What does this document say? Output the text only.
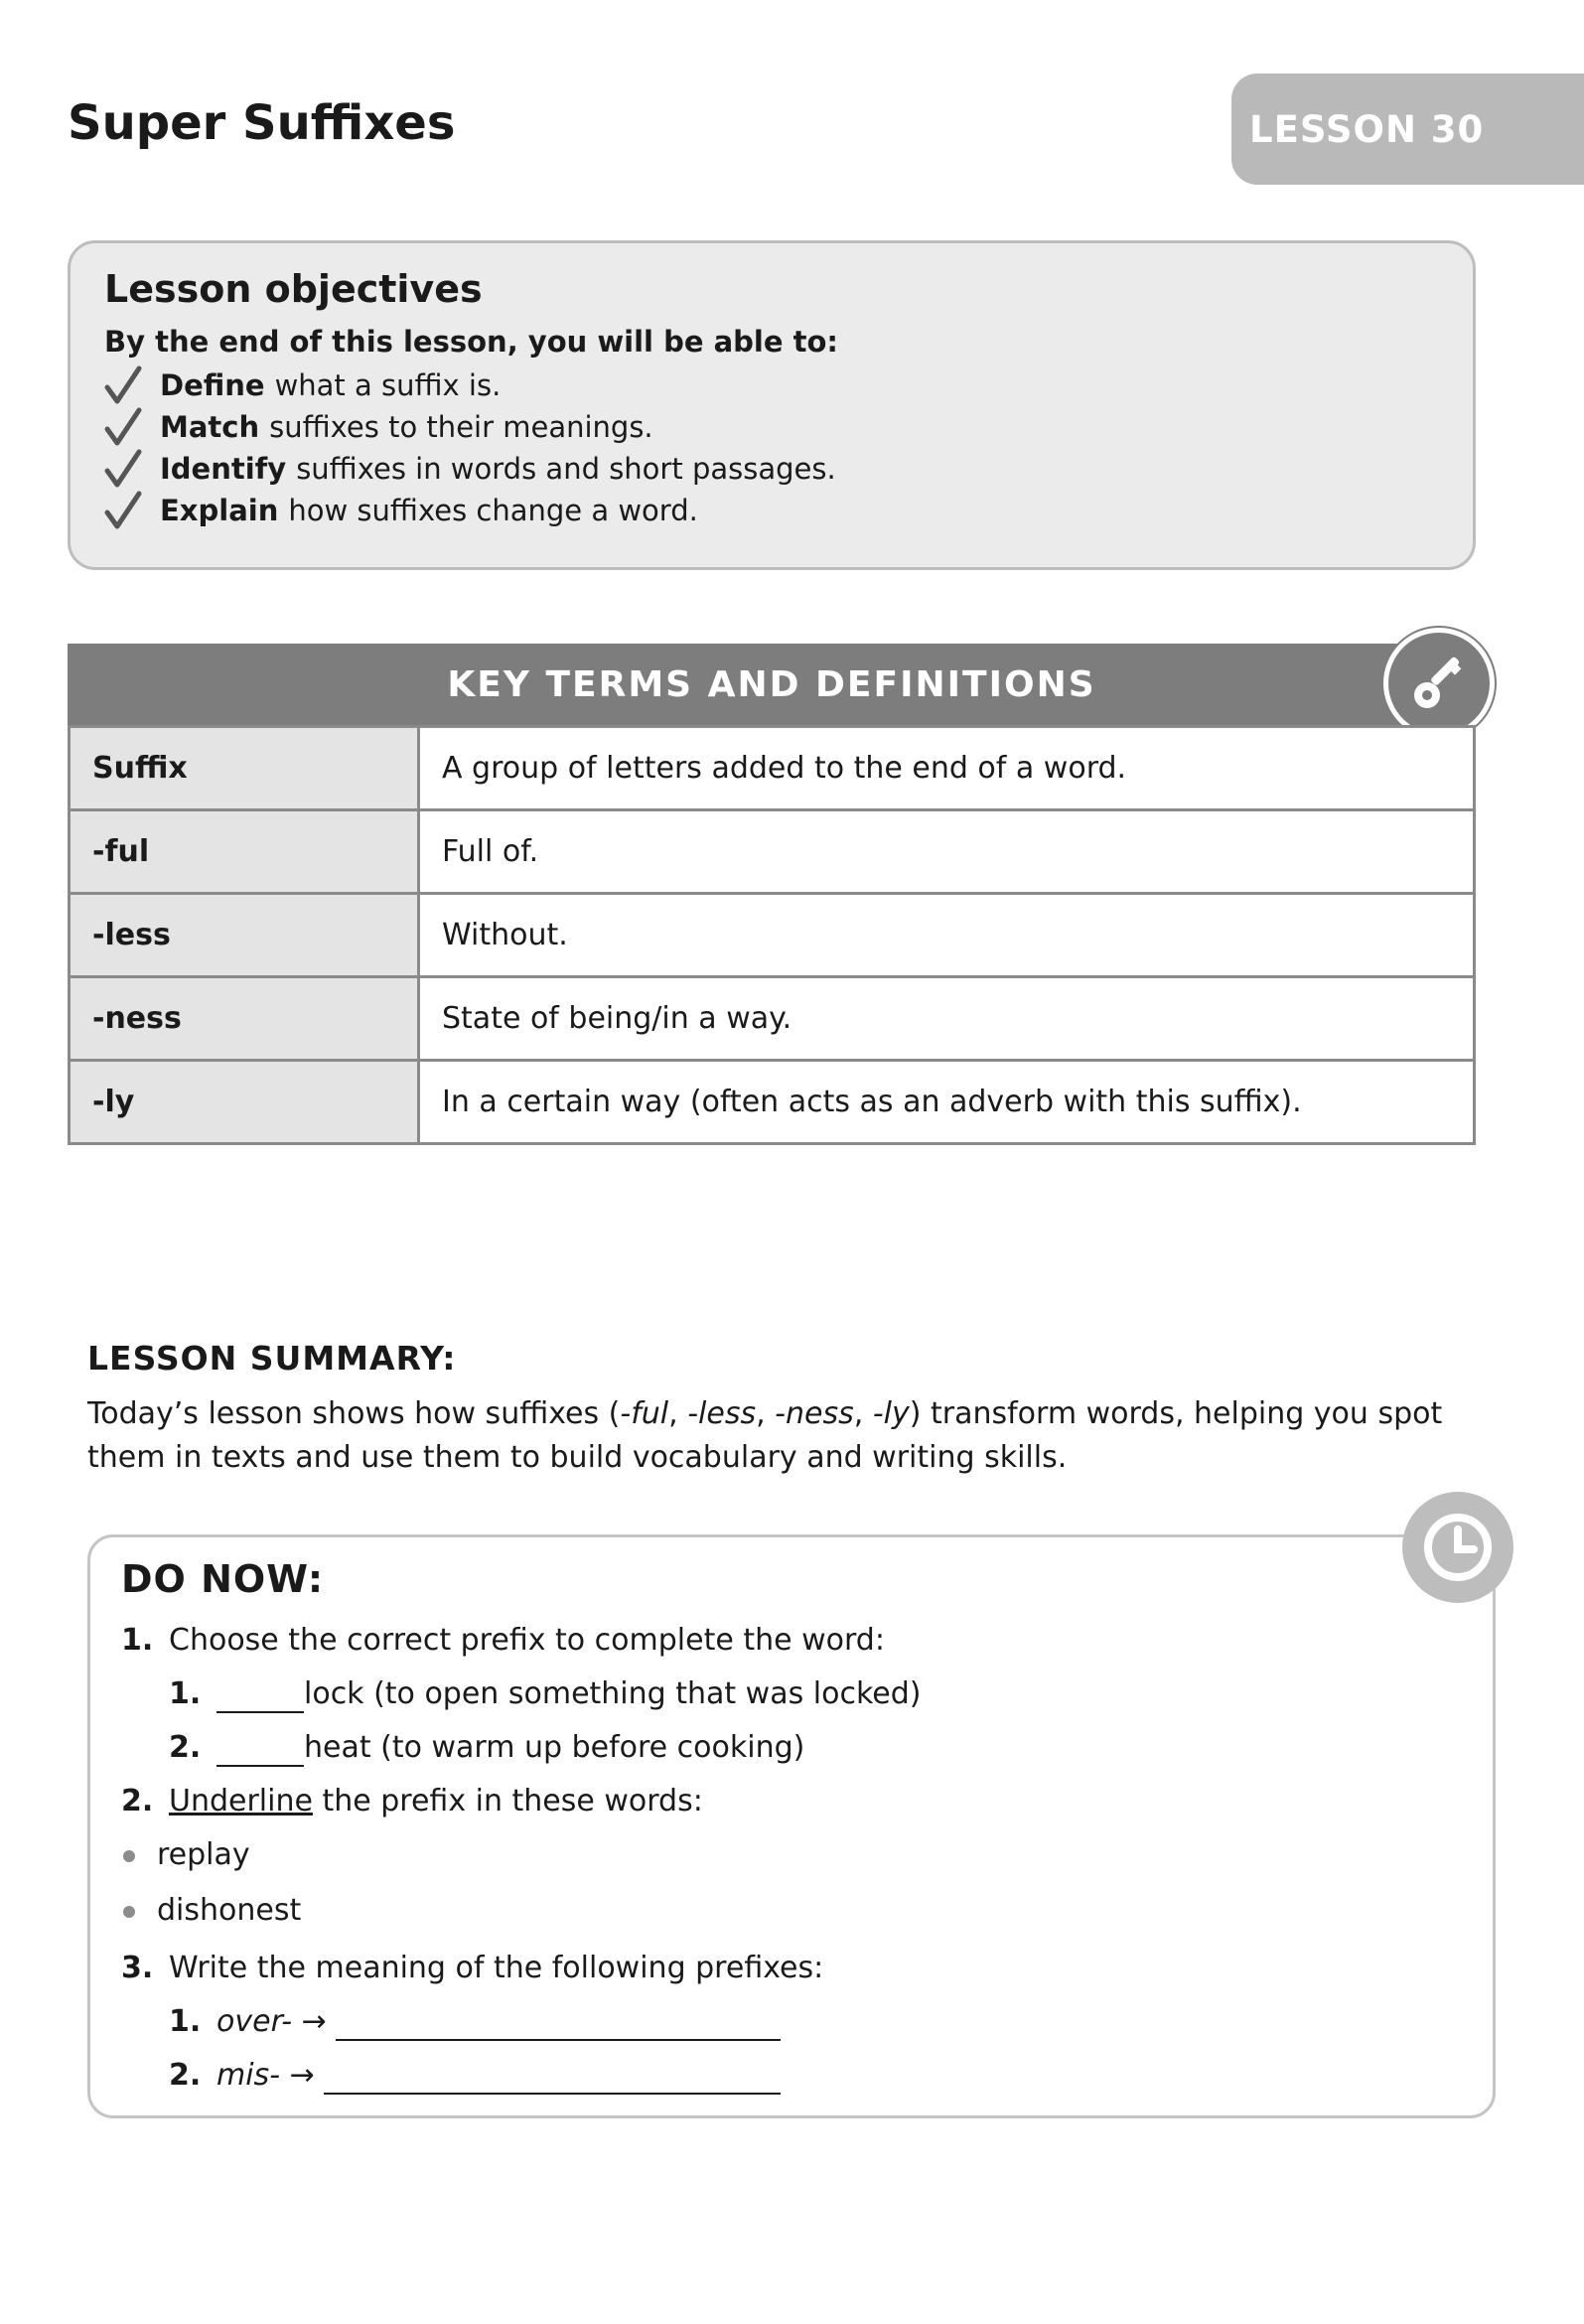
Super Suffixes	LESSON 30
Lesson objectives
By the end of this lesson, you will be able to:
Define what a suffix is.
Match suffixes to their meanings.
Identify suffixes in words and short passages.
Explain how suffixes change a word.
KEY TERMS AND DEFINITIONS
Suffix	A group of letters added to the end of a word.
-ful	Full of.
-less	Without.
-ness	State of being/in a way.
-ly	In a certain way (often acts as an adverb with this suffix).
LESSON SUMMARY:
Today’s lesson shows how suffixes (-ful, -less, -ness, -ly) transform words, helping you spot them in texts and use them to build vocabulary and writing skills.
DO NOW:
1. Choose the correct prefix to complete the word:
1.	lock (to open something that was locked)
2.	heat (to warm up before cooking)
2. Underline the prefix in these words:
replay
dishonest
3. Write the meaning of the following prefixes:
1. over- →
2. mis- →
